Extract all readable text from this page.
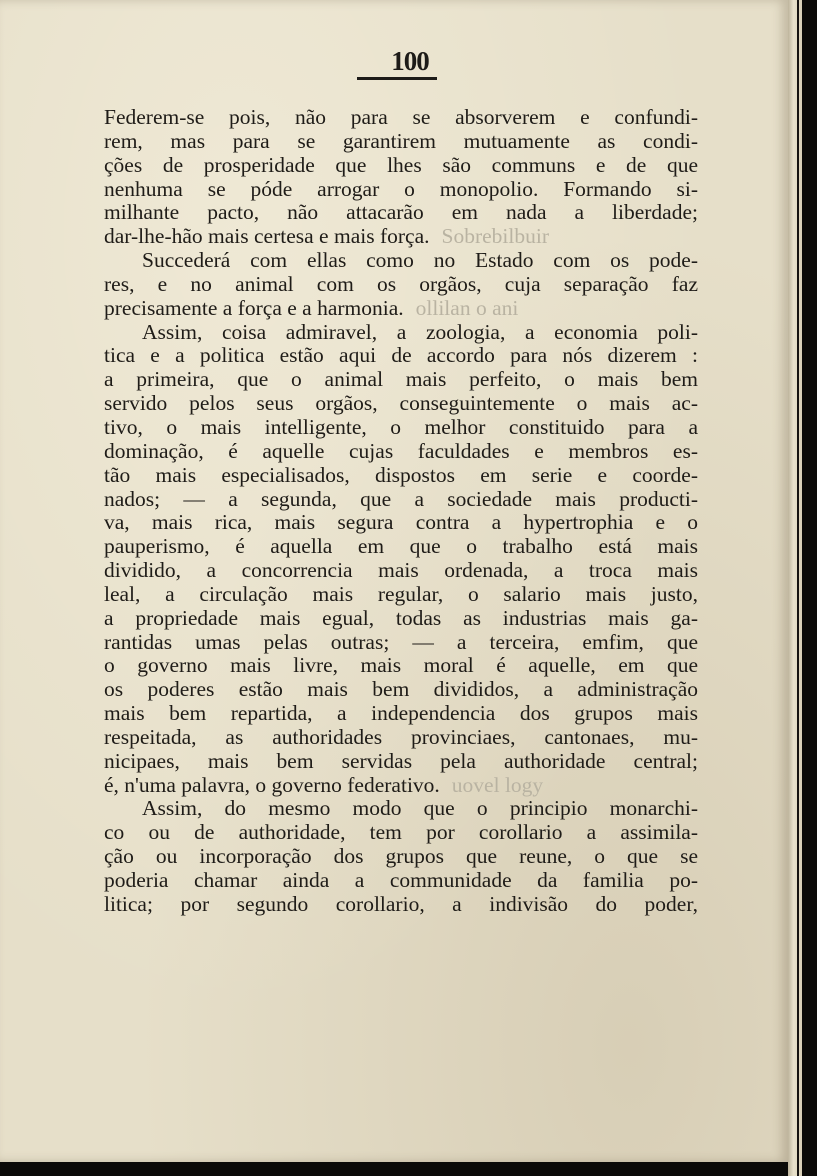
100
Federem-se pois, não para se absorverem e confundi-
rem, mas para se garantirem mutuamente as condi-
ções de prosperidade que lhes são communs e de que
nenhuma se póde arrogar o monopolio. Formando si-
milhante pacto, não attacarão em nada a liberdade;
dar-lhe-hão mais certesa e mais força. Sobrebilbuir
Succederá com ellas como no Estado com os pode-
res, e no animal com os orgãos, cuja separação faz
precisamente a força e a harmonia. ollilan o ani
Assim, coisa admiravel, a zoologia, a economia poli-
tica e a politica estão aqui de accordo para nós dizerem :
a primeira, que o animal mais perfeito, o mais bem
servido pelos seus orgãos, conseguintemente o mais ac-
tivo, o mais intelligente, o melhor constituido para a
dominação, é aquelle cujas faculdades e membros es-
tão mais especialisados, dispostos em serie e coorde-
nados; — a segunda, que a sociedade mais producti-
va, mais rica, mais segura contra a hypertrophia e o
pauperismo, é aquella em que o trabalho está mais
dividido, a concorrencia mais ordenada, a troca mais
leal, a circulação mais regular, o salario mais justo,
a propriedade mais egual, todas as industrias mais ga-
rantidas umas pelas outras; — a terceira, emfim, que
o governo mais livre, mais moral é aquelle, em que
os poderes estão mais bem divididos, a administração
mais bem repartida, a independencia dos grupos mais
respeitada, as authoridades provinciaes, cantonaes, mu-
nicipaes, mais bem servidas pela authoridade central;
é, n'uma palavra, o governo federativo. uovel logy
Assim, do mesmo modo que o principio monarchi-
co ou de authoridade, tem por corollario a assimila-
ção ou incorporação dos grupos que reune, o que se
poderia chamar ainda a communidade da familia po-
litica; por segundo corollario, a indivisão do poder,
